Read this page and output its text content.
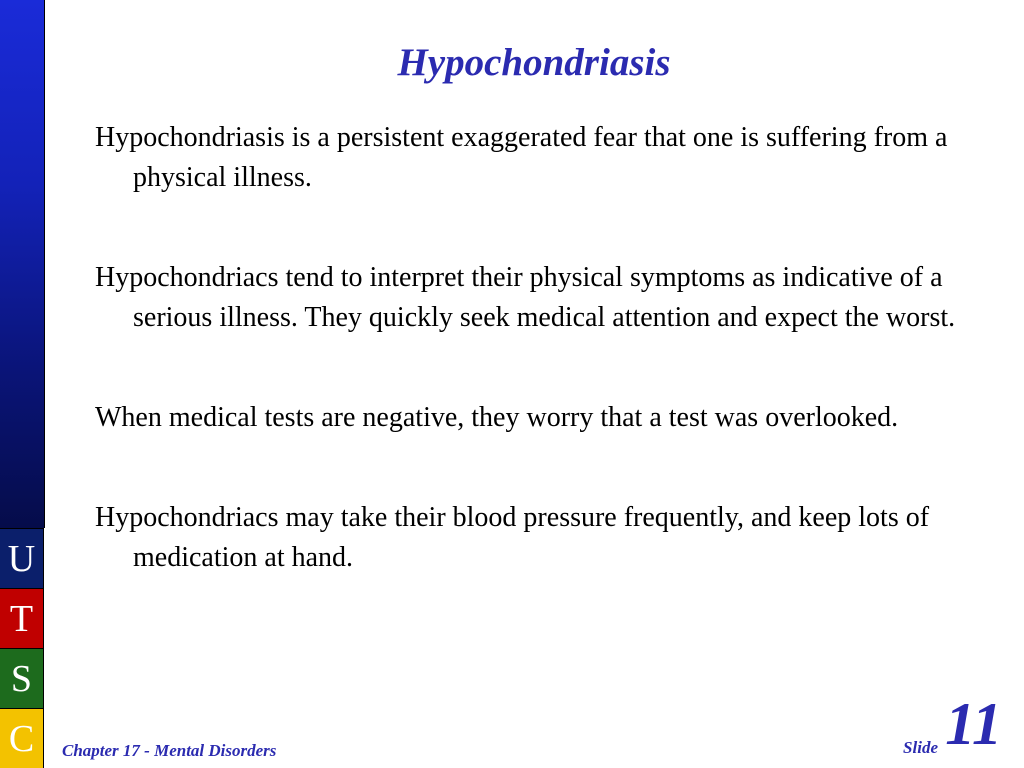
U
T
S
C
Hypochondriasis

Hypochondriasis is a persistent exaggerated fear that one is suffering from a physical illness.

Hypochondriacs tend to interpret their physical symptoms as indicative of a serious illness. They quickly seek medical attention and expect the worst.

When medical tests are negative, they worry that a test was overlooked.

Hypochondriacs may take their blood pressure frequently, and keep lots of medication at hand.

Chapter 17 - Mental Disorders	Slide 11
